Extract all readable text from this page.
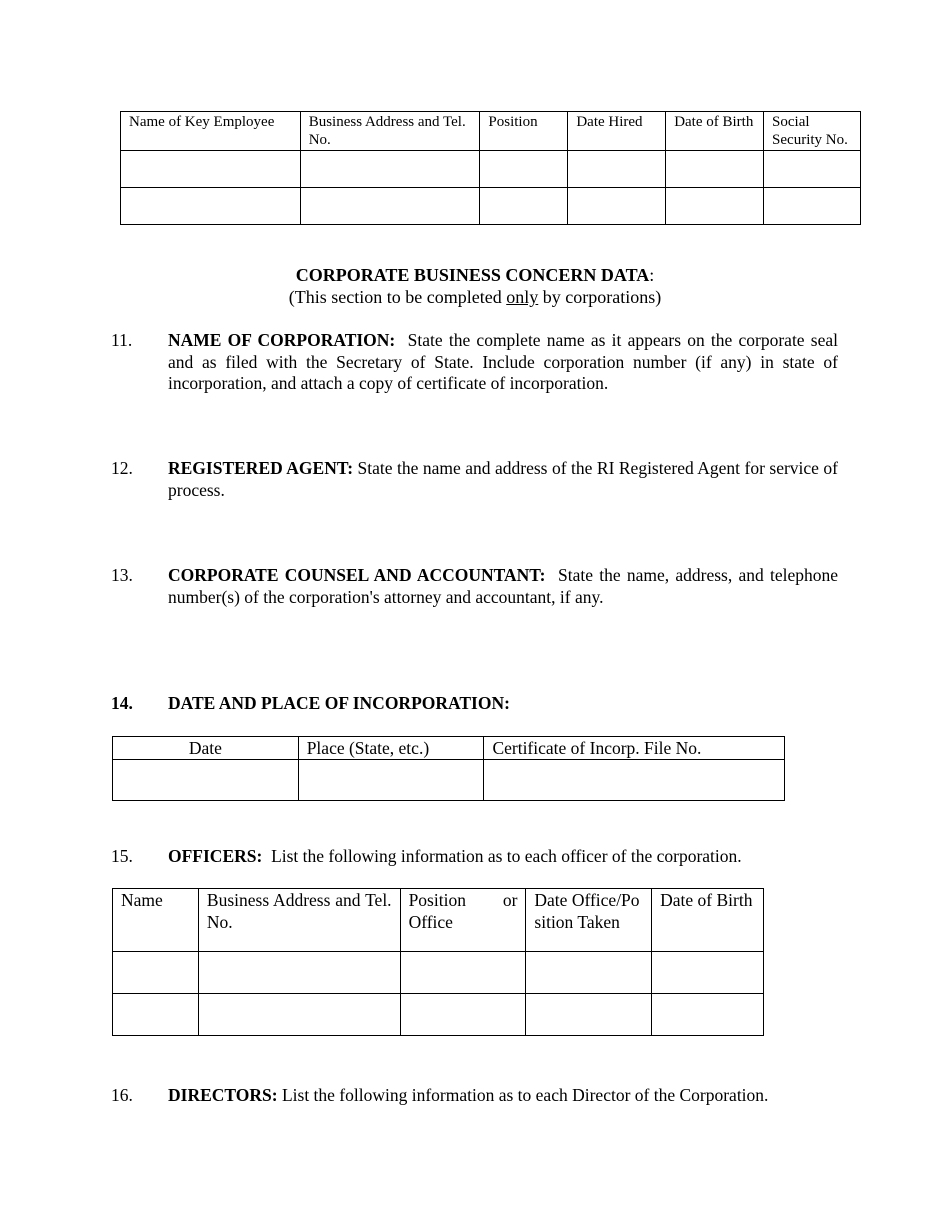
Name of Key Employee	Business Address and Tel. No.	Position	Date Hired	Date of Birth	Social Security No.

CORPORATE BUSINESS CONCERN DATA:
(This section to be completed only by corporations)
11. NAME OF CORPORATION: State the complete name as it appears on the corporate seal and as filed with the Secretary of State. Include corporation number (if any) in state of incorporation, and attach a copy of certificate of incorporation.
12. REGISTERED AGENT: State the name and address of the RI Registered Agent for service of process.
13. CORPORATE COUNSEL AND ACCOUNTANT: State the name, address, and telephone number(s) of the corporation's attorney and accountant, if any.
14. DATE AND PLACE OF INCORPORATION:
Date	Place (State, etc.)	Certificate of Incorp. File No.

15. OFFICERS: List the following information as to each officer of the corporation.
Name	Business Address and Tel. No.	Position or Office	Date Office/Position Taken	Date of Birth

16. DIRECTORS: List the following information as to each Director of the Corporation.
